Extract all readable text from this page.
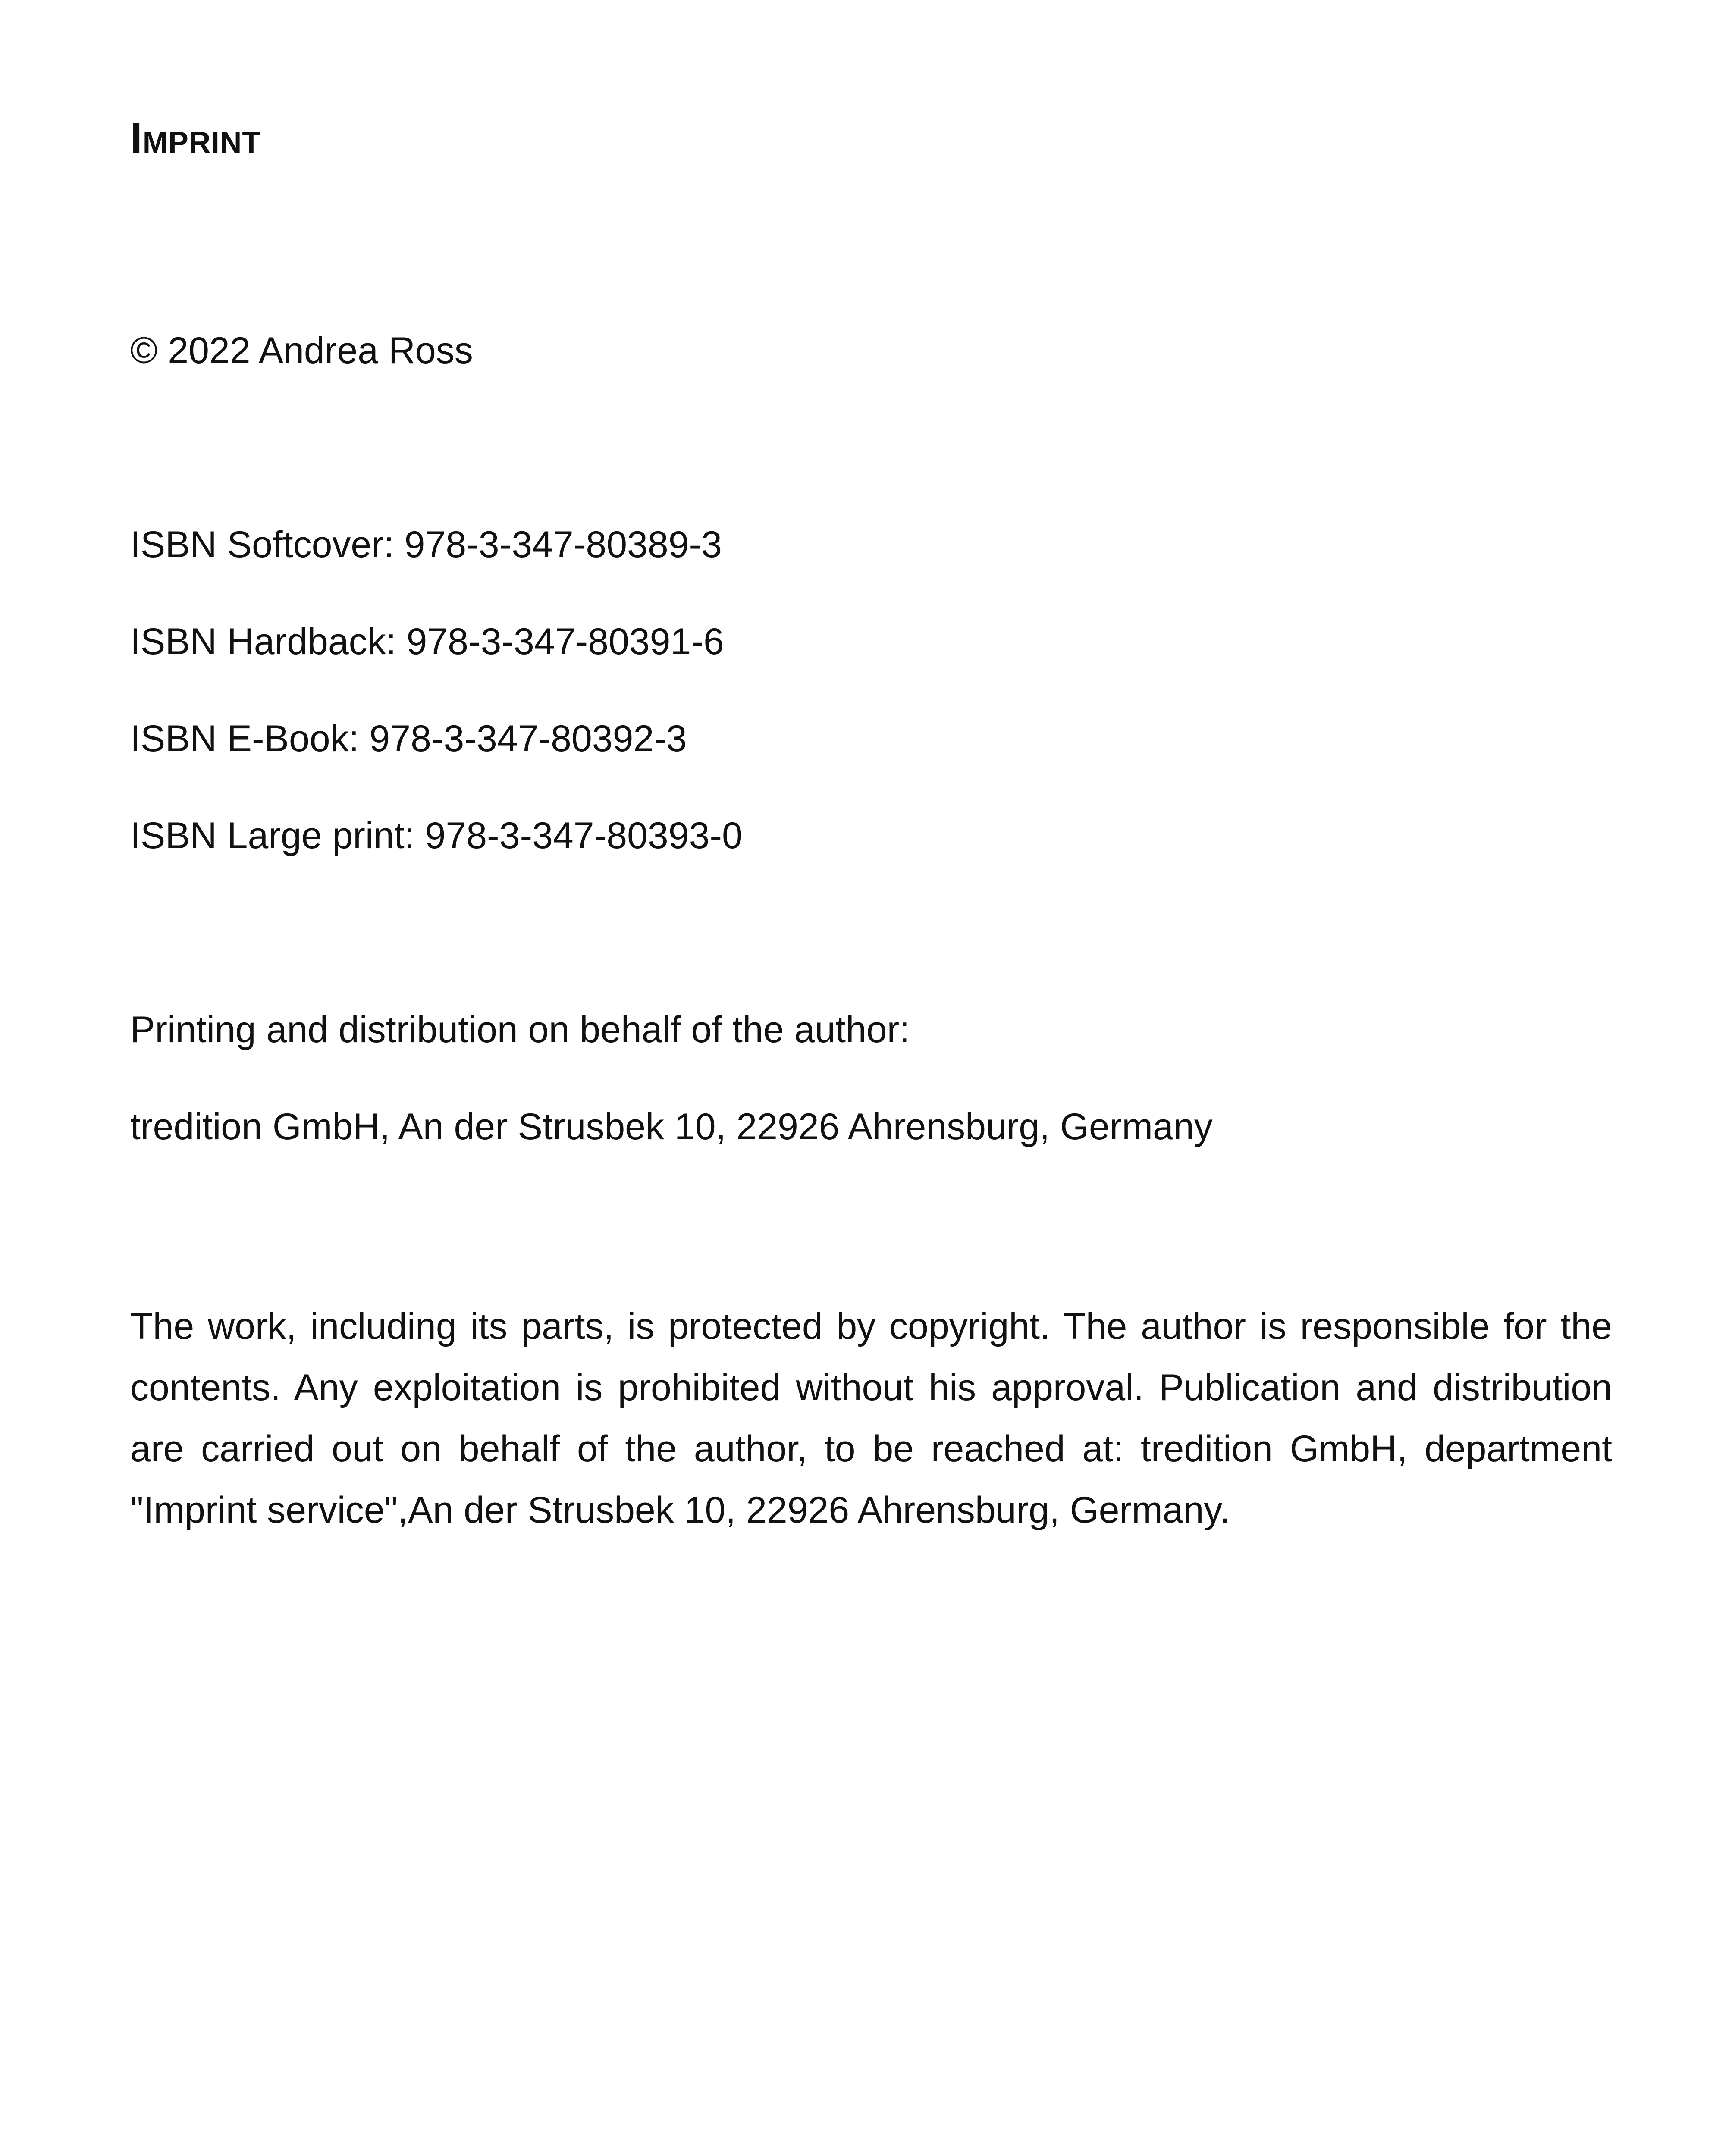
Imprint
© 2022 Andrea Ross
ISBN Softcover: 978-3-347-80389-3
ISBN Hardback: 978-3-347-80391-6
ISBN E-Book: 978-3-347-80392-3
ISBN Large print: 978-3-347-80393-0
Printing and distribution on behalf of the author:
tredition GmbH, An der Strusbek 10, 22926 Ahrensburg, Germany
The work, including its parts, is protected by copyright. The author is responsible for the contents. Any exploitation is prohibited without his approval. Publication and distribution are carried out on behalf of the author, to be reached at: tredition GmbH, department "Imprint service",An der Strusbek 10, 22926 Ahrensburg, Germany.
